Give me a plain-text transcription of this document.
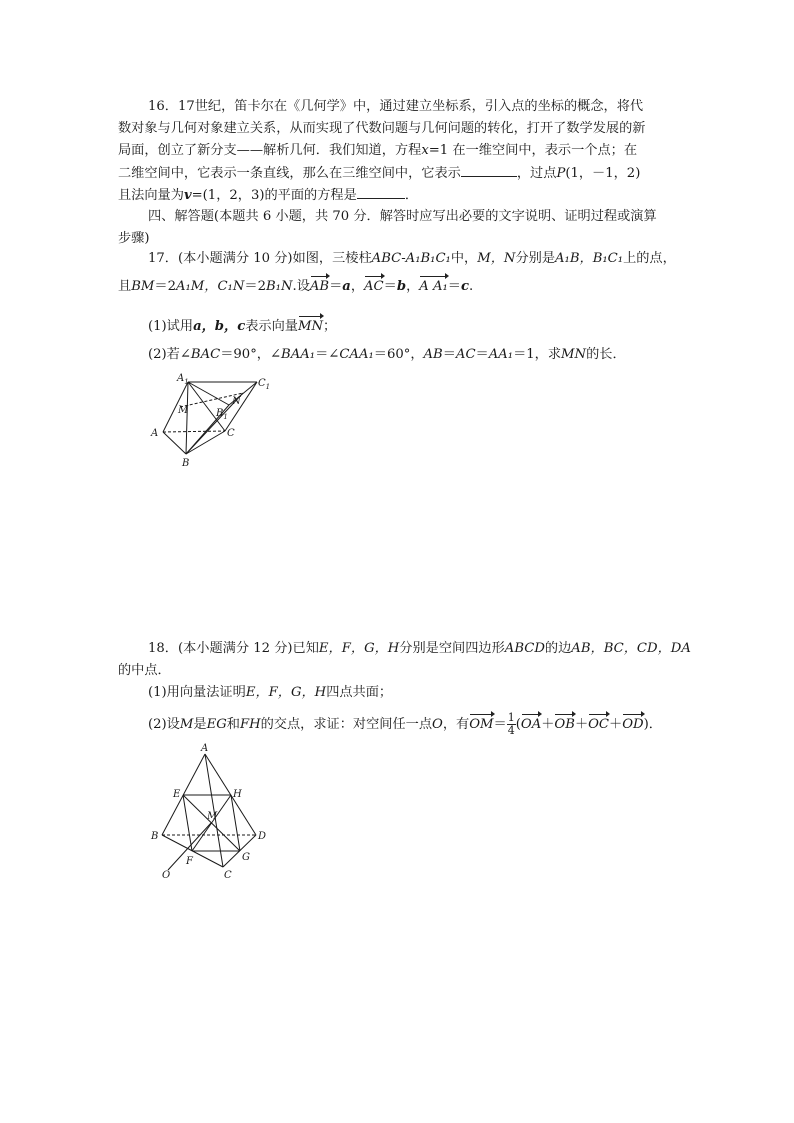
16．17世纪，笛卡尔在《几何学》中，通过建立坐标系，引入点的坐标的概念，将代
数对象与几何对象建立关系，从而实现了代数问题与几何问题的转化，打开了数学发展的新
局面，创立了新分支——解析几何．我们知道，方程x=1 在一维空间中，表示一个点；在
二维空间中，它表示一条直线，那么在三维空间中，它表示	，过点P(1，－1，2)
且法向量为v=(1，2，3)的平面的方程是	．
四、解答题(本题共 6 小题，共 70 分．解答时应写出必要的文字说明、证明过程或演算
步骤)
17．(本小题满分 10 分)如图，三棱柱ABC-A₁B₁C₁中，M，N分别是A₁B，B₁C₁上的点，
且BM＝2A₁M，C₁N＝2B₁N.设AB＝a，AC＝b，A A₁＝c.
(1)试用a，b，c表示向量MN；
(2)若∠BAC＝90°，∠BAA₁＝∠CAA₁＝60°，AB＝AC＝AA₁＝1，求MN的长．
$A_1$	$C_1$
N
M	$B_1$
A	C
B
18．(本小题满分 12 分)已知E，F，G，H分别是空间四边形ABCD的边AB，BC，CD，DA
的中点．
(1)用向量法证明E，F，G，H四点共面；
(2)设M是EG和FH的交点，求证：对空间任一点O，有$OM= \frac{1}{4} (OA+OB+OC+OD)$．
A
E	H
M
B	D
F	G
O	C
